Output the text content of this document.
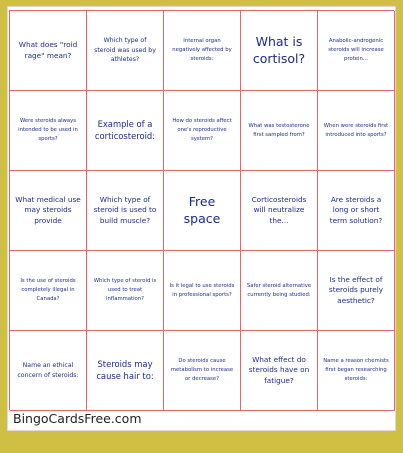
What does "roid rage" mean?
Which type of steroid was used by athletes?
Internal organ negatively affected by steroids:
What is cortisol?
Anabolic-androgenic steroids will increase protein...
Were steroids always intended to be used in sports?
Example of a corticosteroid:
How do steroids affect one's reproductive system?
What was testosterone first sampled from?
When were steroids first introduced into sports?
What medical use may steroids provide
Which type of steroid is used to build muscle?
Free space
Corticosteroids will neutralize the...
Are steroids a long or short term solution?
Is the use of steroids completely illegal in Canada?
Which type of steroid is used to treat inflammation?
Is it legal to use steroids in professional sports?
Safer steroid alternative currently being studied:
Is the effect of steroids purely aesthetic?
Name an ethical concern of steroids:
Steroids may cause hair to:
Do steroids cause metabolism to increase or decrease?
What effect do steroids have on fatigue?
Name a reason chemists first began researching steroids:
BingoCardsFree.com
